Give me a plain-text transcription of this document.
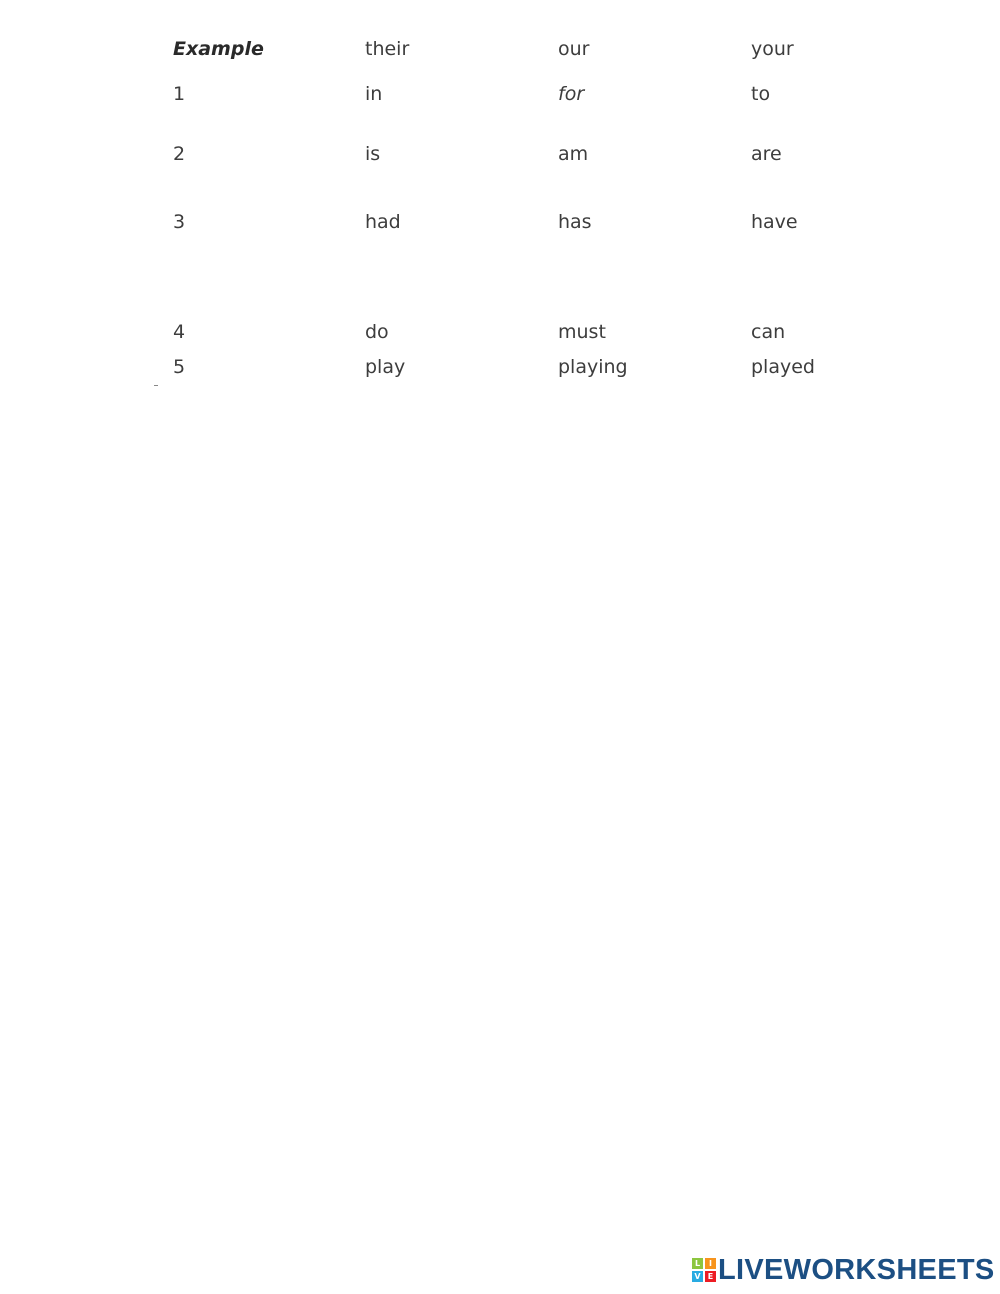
Example	their	our	your
1	in	for	to
2	is	am	are
3	had	has	have
4	do	must	can
5	play	playing	played
L	I
V E LIVEWORKSHEETS
